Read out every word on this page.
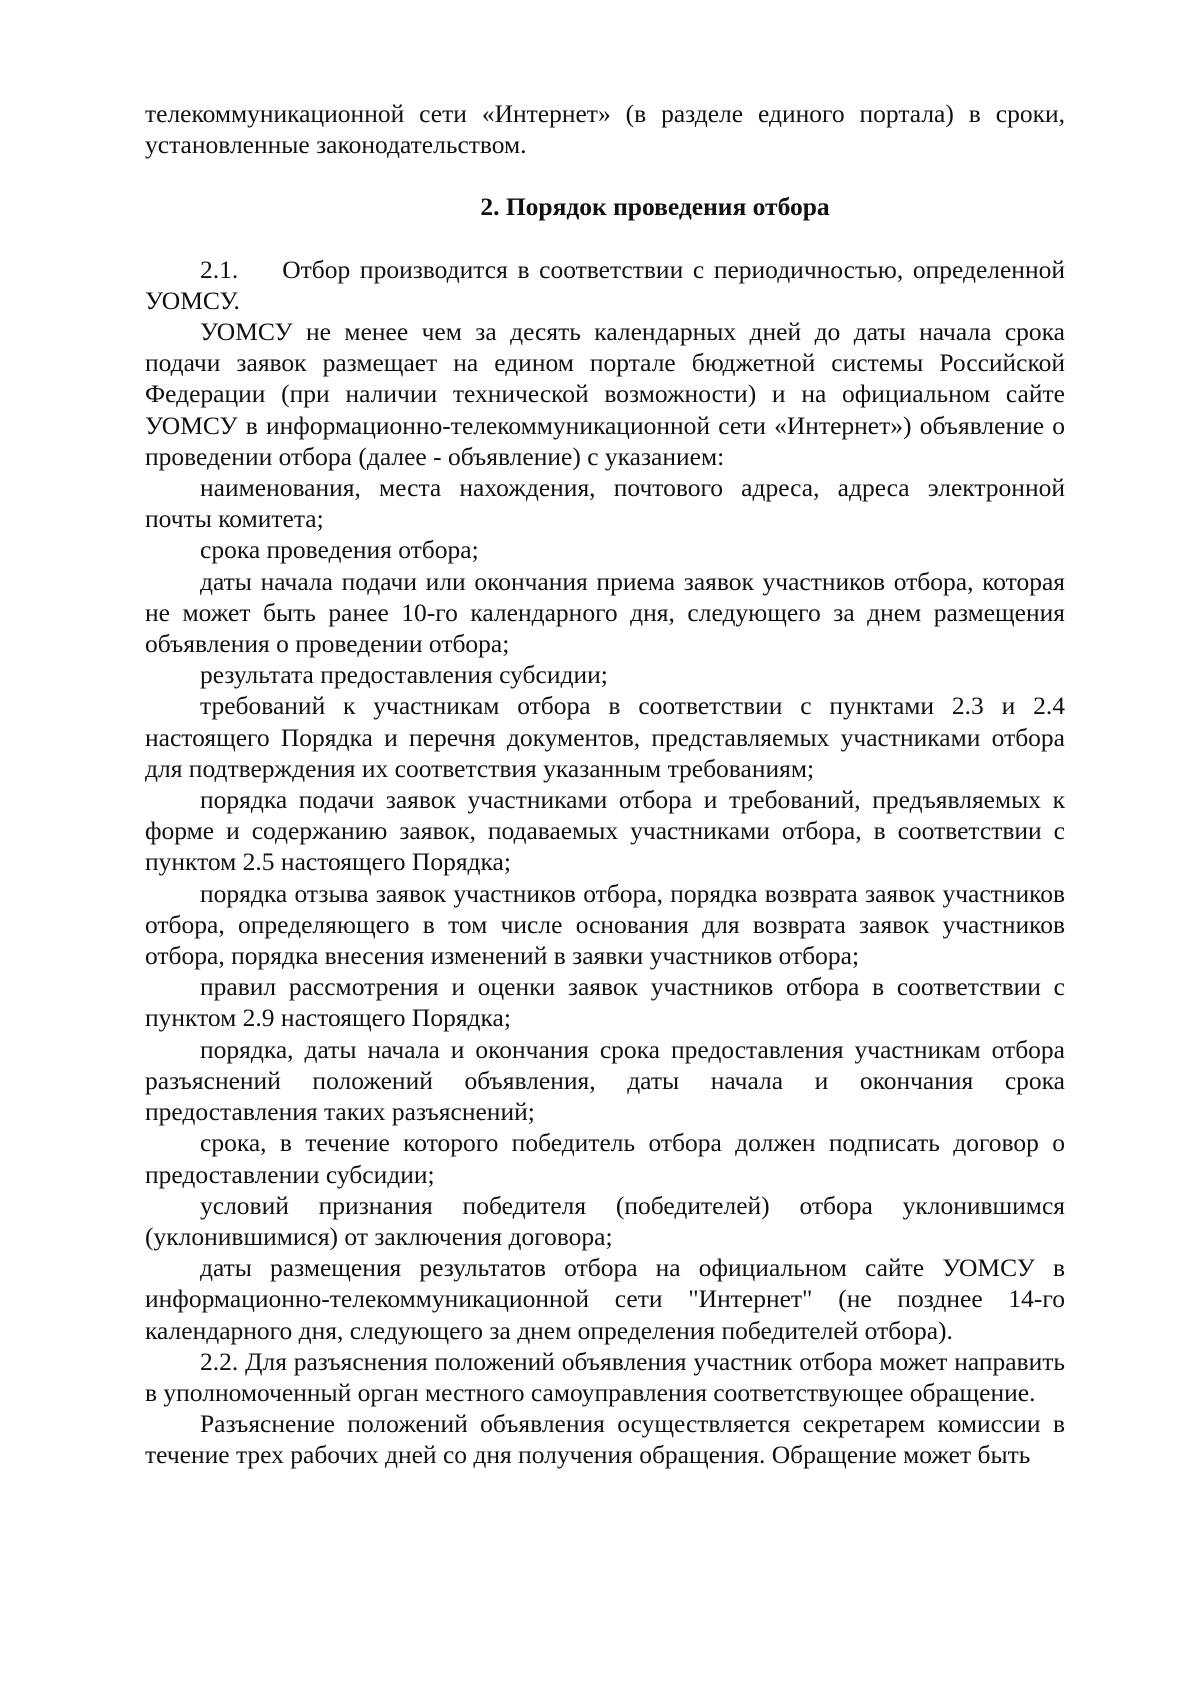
телекоммуникационной сети «Интернет» (в разделе единого портала) в сроки, установленные законодательством.

2. Порядок проведения отбора

2.1. Отбор производится в соответствии с периодичностью, определенной УОМСУ.

УОМСУ не менее чем за десять календарных дней до даты начала срока подачи заявок размещает на едином портале бюджетной системы Российской Федерации (при наличии технической возможности) и на официальном сайте УОМСУ в информационно-телекоммуникационной сети «Интернет») объявление о проведении отбора (далее - объявление) с указанием:

наименования, места нахождения, почтового адреса, адреса электронной почты комитета;

срока проведения отбора;

даты начала подачи или окончания приема заявок участников отбора, которая не может быть ранее 10-го календарного дня, следующего за днем размещения объявления о проведении отбора;

результата предоставления субсидии;

требований к участникам отбора в соответствии с пунктами 2.3 и 2.4 настоящего Порядка и перечня документов, представляемых участниками отбора для подтверждения их соответствия указанным требованиям;

порядка подачи заявок участниками отбора и требований, предъявляемых к форме и содержанию заявок, подаваемых участниками отбора, в соответствии с пунктом 2.5 настоящего Порядка;

порядка отзыва заявок участников отбора, порядка возврата заявок участников отбора, определяющего в том числе основания для возврата заявок участников отбора, порядка внесения изменений в заявки участников отбора;

правил рассмотрения и оценки заявок участников отбора в соответствии с пунктом 2.9 настоящего Порядка;

порядка, даты начала и окончания срока предоставления участникам отбора разъяснений положений объявления, даты начала и окончания срока предоставления таких разъяснений;

срока, в течение которого победитель отбора должен подписать договор о предоставлении субсидии;

условий признания победителя (победителей) отбора уклонившимся (уклонившимися) от заключения договора;

даты размещения результатов отбора на официальном сайте УОМСУ в информационно-телекоммуникационной сети "Интернет" (не позднее 14-го календарного дня, следующего за днем определения победителей отбора).

2.2. Для разъяснения положений объявления участник отбора может направить в уполномоченный орган местного самоуправления соответствующее обращение.

Разъяснение положений объявления осуществляется секретарем комиссии в течение трех рабочих дней со дня получения обращения. Обращение может быть
